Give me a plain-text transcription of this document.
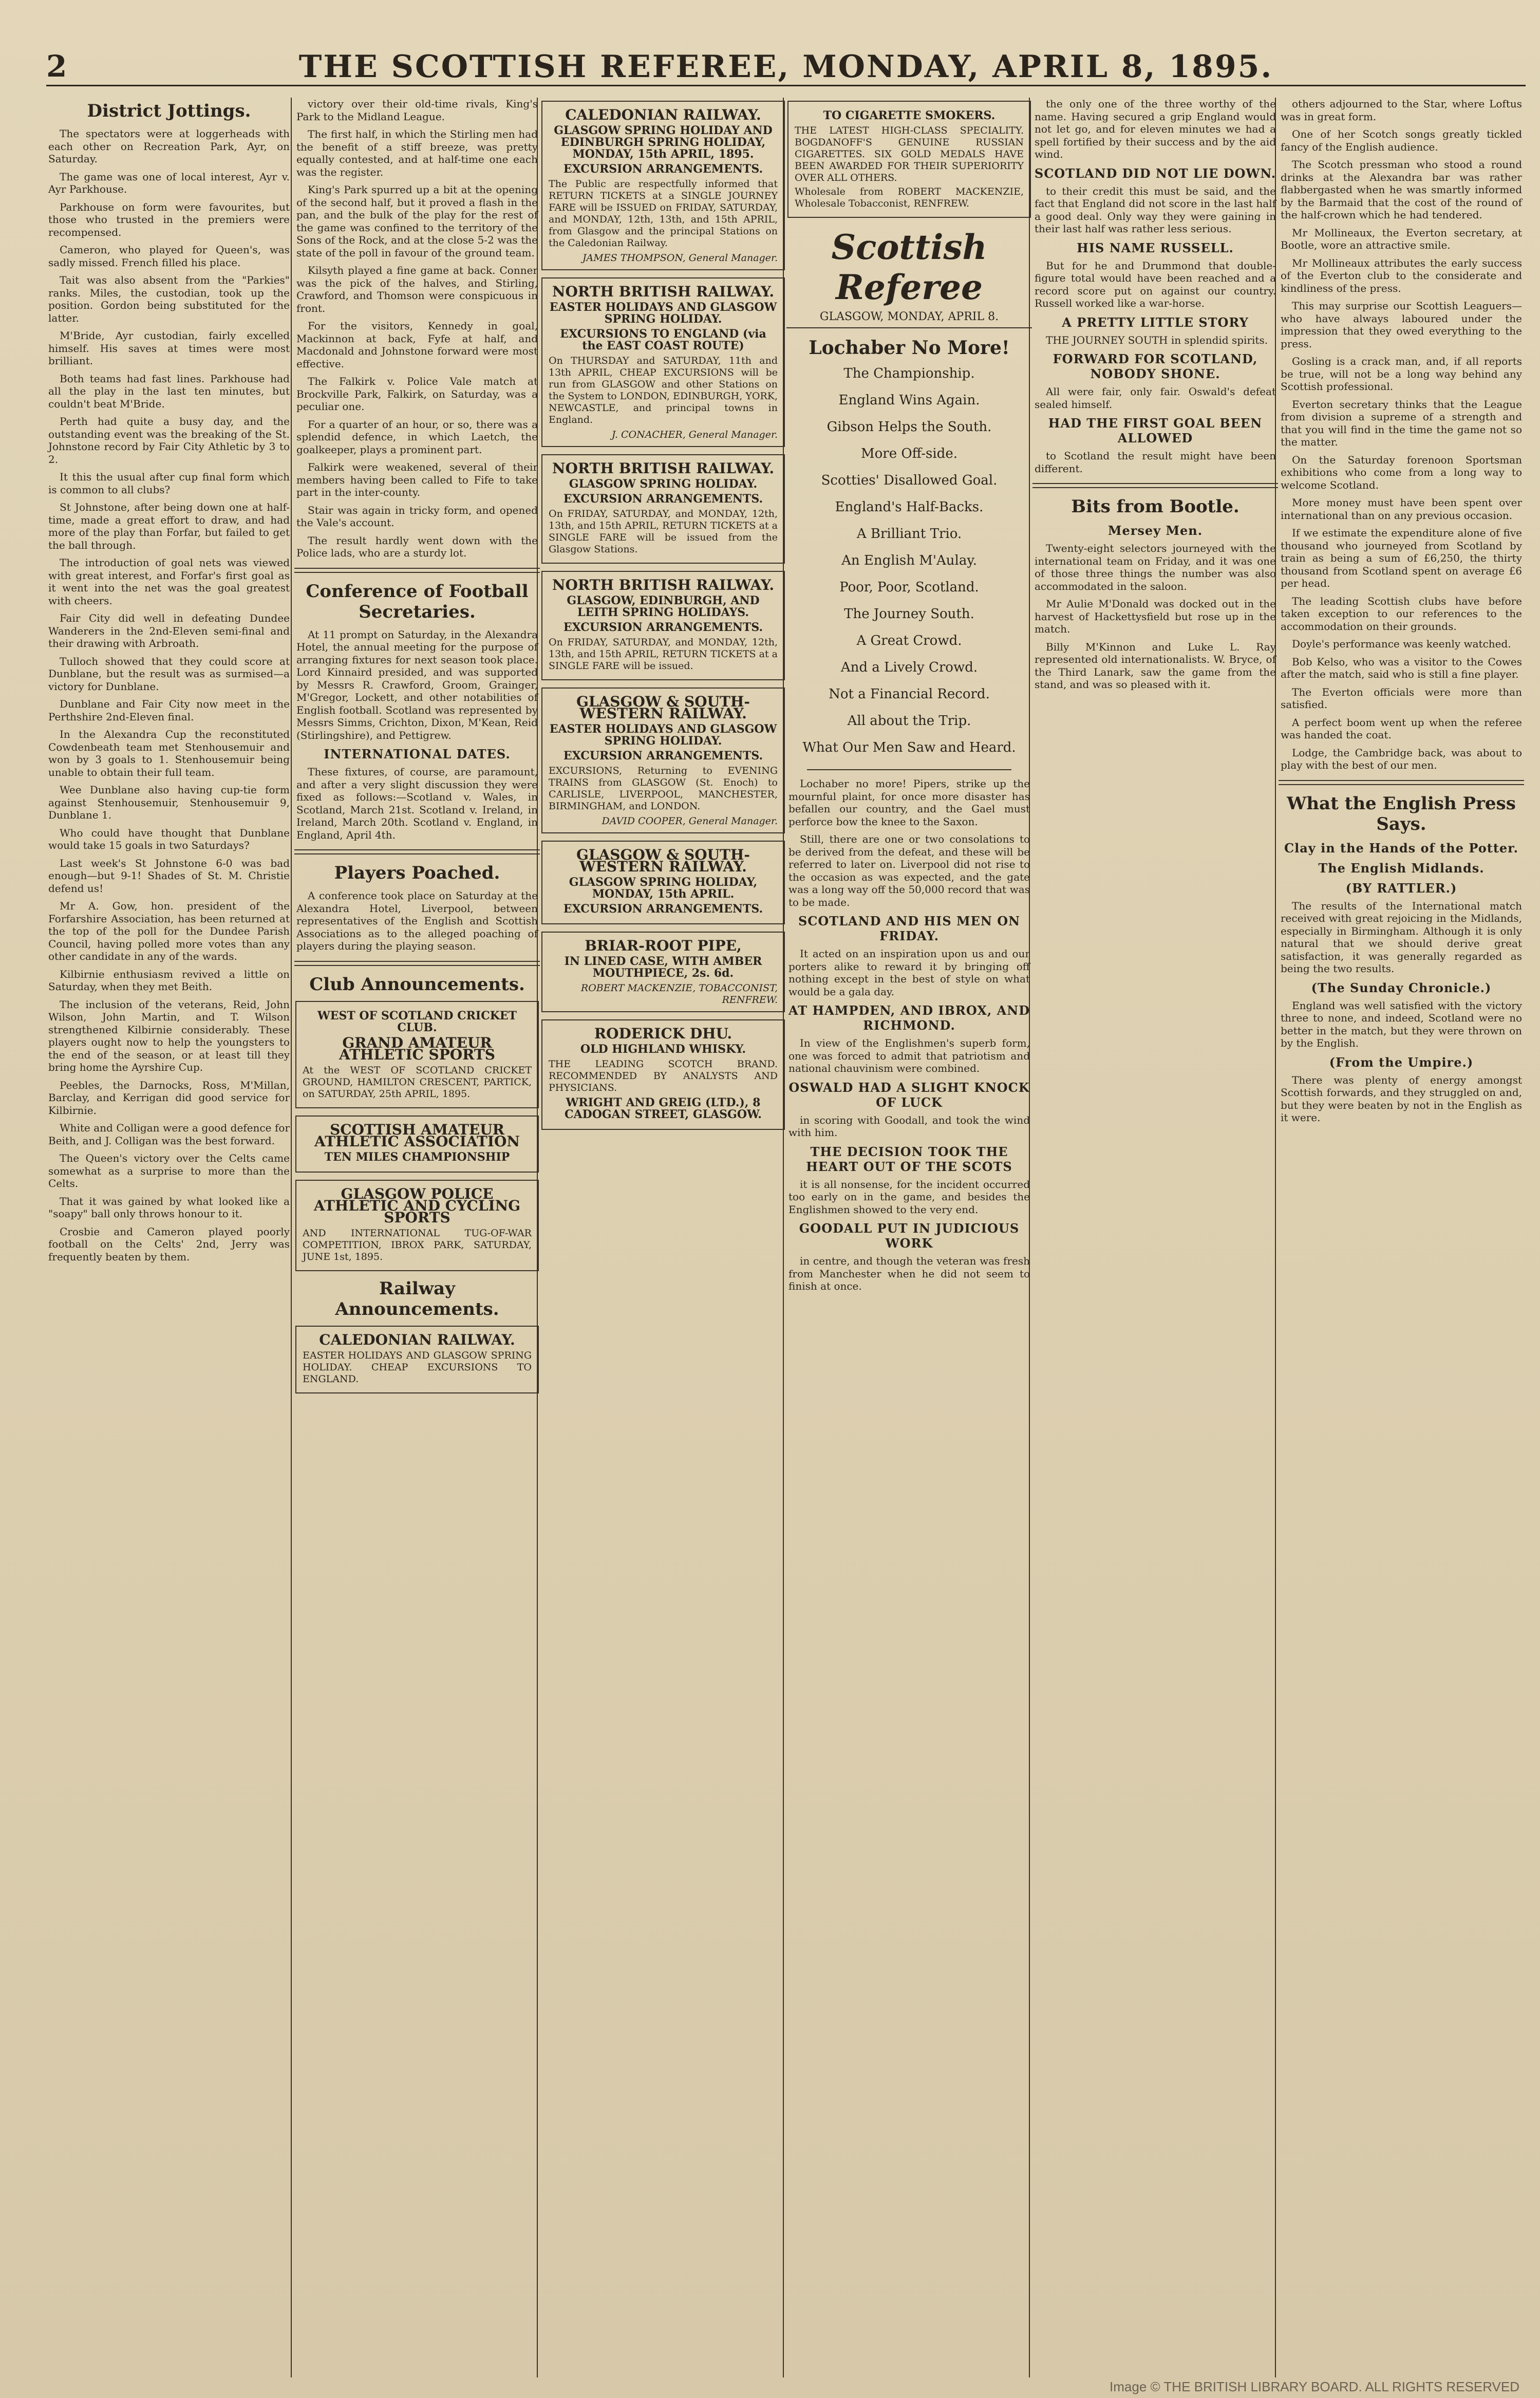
2	THE SCOTTISH REFEREE, MONDAY, APRIL 8, 1895.
District Jottings.

The spectators were at loggerheads with each other on Recreation Park, Ayr, on Saturday.

The game was one of local interest, Ayr v. Ayr Parkhouse.

Parkhouse on form were favourites, but those who trusted in the premiers were recompensed.

Cameron, who played for Queen's, was sadly missed. French filled his place.

Tait was also absent from the "Parkies" ranks. Miles, the custodian, took up the position. Gordon being substituted for the latter.

M'Bride, Ayr custodian, fairly excelled himself. His saves at times were most brilliant.

Both teams had fast lines. Parkhouse had all the play in the last ten minutes, but couldn't beat M'Bride.

Perth had quite a busy day, and the outstanding event was the breaking of the St. Johnstone record by Fair City Athletic by 3 to 2.

It this the usual after cup final form which is common to all clubs?

St Johnstone, after being down one at half-time, made a great effort to draw, and had more of the play than Forfar, but failed to get the ball through.

The introduction of goal nets was viewed with great interest, and Forfar's first goal as it went into the net was the goal greatest with cheers.

Fair City did well in defeating Dundee Wanderers in the 2nd-Eleven semi-final and their drawing with Arbroath.

Tulloch showed that they could score at Dunblane, but the result was as surmised—a victory for Dunblane.

Dunblane and Fair City now meet in the Perthshire 2nd-Eleven final.

In the Alexandra Cup the reconstituted Cowdenbeath team met Stenhousemuir and won by 3 goals to 1. Stenhousemuir being unable to obtain their full team.

Wee Dunblane also having cup-tie form against Stenhousemuir, Stenhousemuir 9, Dunblane 1.

Who could have thought that Dunblane would take 15 goals in two Saturdays?

Last week's St Johnstone 6-0 was bad enough—but 9-1! Shades of St. M. Christie defend us!

Mr A. Gow, hon. president of the Forfarshire Association, has been returned at the top of the poll for the Dundee Parish Council, having polled more votes than any other candidate in any of the wards.

Kilbirnie enthusiasm revived a little on Saturday, when they met Beith.

The inclusion of the veterans, Reid, John Wilson, John Martin, and T. Wilson strengthened Kilbirnie considerably. These players ought now to help the youngsters to the end of the season, or at least till they bring home the Ayrshire Cup.

Peebles, the Darnocks, Ross, M'Millan, Barclay, and Kerrigan did good service for Kilbirnie.

White and Colligan were a good defence for Beith, and J. Colligan was the best forward.

The Queen's victory over the Celts came somewhat as a surprise to more than the Celts.

That it was gained by what looked like a "soapy" ball only throws honour to it.

Crosbie and Cameron played poorly football on the Celts' 2nd, Jerry was frequently beaten by them.

victory over their old-time rivals, King's Park to the Midland League.

The first half, in which the Stirling men had the benefit of a stiff breeze, was pretty equally contested, and at half-time one each was the register.

King's Park spurred up a bit at the opening of the second half, but it proved a flash in the pan, and the bulk of the play for the rest of the game was confined to the territory of the Sons of the Rock, and at the close 5-2 was the state of the poll in favour of the ground team.

Kilsyth played a fine game at back. Conner was the pick of the halves, and Stirling, Crawford, and Thomson were conspicuous in front.

For the visitors, Kennedy in goal, Mackinnon at back, Fyfe at half, and Macdonald and Johnstone forward were most effective.

The Falkirk v. Police Vale match at Brockville Park, Falkirk, on Saturday, was a peculiar one.

For a quarter of an hour, or so, there was a splendid defence, in which Laetch, the goalkeeper, plays a prominent part.

Falkirk were weakened, several of their members having been called to Fife to take part in the inter-county.

Stair was again in tricky form, and opened the Vale's account.

The result hardly went down with the Police lads, who are a sturdy lot.

Conference of Football Secretaries.

At 11 prompt on Saturday, in the Alexandra Hotel, the annual meeting for the purpose of arranging fixtures for next season took place. Lord Kinnaird presided, and was supported by Messrs R. Crawford, Groom, Grainger, M'Gregor, Lockett, and other notabilities of English football. Scotland was represented by Messrs Simms, Crichton, Dixon, M'Kean, Reid (Stirlingshire), and Pettigrew.

INTERNATIONAL DATES.

These fixtures, of course, are paramount, and after a very slight discussion they were fixed as follows:—Scotland v. Wales, in Scotland, March 21st. Scotland v. Ireland, in Ireland, March 20th. Scotland v. England, in England, April 4th.

Players Poached.

A conference took place on Saturday at the Alexandra Hotel, Liverpool, between representatives of the English and Scottish Associations as to the alleged poaching of players during the playing season.

Club Announcements.
WEST OF SCOTLAND CRICKET CLUB.
GRAND AMATEUR ATHLETIC SPORTS

At the WEST OF SCOTLAND CRICKET GROUND, HAMILTON CRESCENT, PARTICK, on SATURDAY, 25th APRIL, 1895.

SCOTTISH AMATEUR ATHLETIC ASSOCIATION
TEN MILES CHAMPIONSHIP
GLASGOW POLICE ATHLETIC AND CYCLING SPORTS

AND INTERNATIONAL TUG-OF-WAR COMPETITION, IBROX PARK, SATURDAY, JUNE 1st, 1895.

Railway Announcements.
CALEDONIAN RAILWAY.

EASTER HOLIDAYS AND GLASGOW SPRING HOLIDAY. CHEAP EXCURSIONS TO ENGLAND.

CALEDONIAN RAILWAY.
GLASGOW SPRING HOLIDAY AND EDINBURGH SPRING HOLIDAY, MONDAY, 15th APRIL, 1895.
EXCURSION ARRANGEMENTS.

The Public are respectfully informed that RETURN TICKETS at a SINGLE JOURNEY FARE will be ISSUED on FRIDAY, SATURDAY, and MONDAY, 12th, 13th, and 15th APRIL, from Glasgow and the principal Stations on the Caledonian Railway.

JAMES THOMPSON, General Manager.
NORTH BRITISH RAILWAY.
EASTER HOLIDAYS AND GLASGOW SPRING HOLIDAY.
EXCURSIONS TO ENGLAND (via the EAST COAST ROUTE)

On THURSDAY and SATURDAY, 11th and 13th APRIL, CHEAP EXCURSIONS will be run from GLASGOW and other Stations on the System to LONDON, EDINBURGH, YORK, NEWCASTLE, and principal towns in England.

J. CONACHER, General Manager.
NORTH BRITISH RAILWAY.
GLASGOW SPRING HOLIDAY.
EXCURSION ARRANGEMENTS.

On FRIDAY, SATURDAY, and MONDAY, 12th, 13th, and 15th APRIL, RETURN TICKETS at a SINGLE FARE will be issued from the Glasgow Stations.

NORTH BRITISH RAILWAY.
GLASGOW, EDINBURGH, AND LEITH SPRING HOLIDAYS.
EXCURSION ARRANGEMENTS.

On FRIDAY, SATURDAY, and MONDAY, 12th, 13th, and 15th APRIL, RETURN TICKETS at a SINGLE FARE will be issued.

GLASGOW & SOUTH-WESTERN RAILWAY.
EASTER HOLIDAYS AND GLASGOW SPRING HOLIDAY.
EXCURSION ARRANGEMENTS.

EXCURSIONS, Returning to EVENING TRAINS from GLASGOW (St. Enoch) to CARLISLE, LIVERPOOL, MANCHESTER, BIRMINGHAM, and LONDON.

DAVID COOPER, General Manager.
GLASGOW & SOUTH-WESTERN RAILWAY.
GLASGOW SPRING HOLIDAY, MONDAY, 15th APRIL.
EXCURSION ARRANGEMENTS.
BRIAR-ROOT PIPE,
IN LINED CASE, WITH AMBER MOUTHPIECE, 2s. 6d.
ROBERT MACKENZIE, TOBACCONIST, RENFREW.
RODERICK DHU.
OLD HIGHLAND WHISKY.

THE LEADING SCOTCH BRAND. RECOMMENDED BY ANALYSTS AND PHYSICIANS.

WRIGHT AND GREIG (LTD.), 8 CADOGAN STREET, GLASGOW.
TO CIGARETTE SMOKERS.

THE LATEST HIGH-CLASS SPECIALITY. BOGDANOFF'S GENUINE RUSSIAN CIGARETTES. SIX GOLD MEDALS HAVE BEEN AWARDED FOR THEIR SUPERIORITY OVER ALL OTHERS.

Wholesale from ROBERT MACKENZIE, Wholesale Tobacconist, RENFREW.

Scottish Referee
GLASGOW, MONDAY, APRIL 8.
Lochaber No More!
The Championship.
England Wins Again.
Gibson Helps the South.
More Off-side.
Scotties' Disallowed Goal.
England's Half-Backs.
A Brilliant Trio.
An English M'Aulay.
Poor, Poor, Scotland.
The Journey South.
A Great Crowd.
And a Lively Crowd.
Not a Financial Record.
All about the Trip.
What Our Men Saw and Heard.

Lochaber no more! Pipers, strike up the mournful plaint, for once more disaster has befallen our country, and the Gael must perforce bow the knee to the Saxon.

Still, there are one or two consolations to be derived from the defeat, and these will be referred to later on. Liverpool did not rise to the occasion as was expected, and the gate was a long way off the 50,000 record that was to be made.

SCOTLAND AND HIS MEN ON FRIDAY.

It acted on an inspiration upon us and our porters alike to reward it by bringing off nothing except in the best of style on what would be a gala day.

AT HAMPDEN, AND IBROX, AND RICHMOND.

In view of the Englishmen's superb form, one was forced to admit that patriotism and national chauvinism were combined.

OSWALD HAD A SLIGHT KNOCK OF LUCK

in scoring with Goodall, and took the wind with him.

THE DECISION TOOK THE HEART OUT OF THE SCOTS

it is all nonsense, for the incident occurred too early on in the game, and besides the Englishmen showed to the very end.

GOODALL PUT IN JUDICIOUS WORK

in centre, and though the veteran was fresh from Manchester when he did not seem to finish at once.

the only one of the three worthy of the name. Having secured a grip England would not let go, and for eleven minutes we had a spell fortified by their success and by the aid wind.

SCOTLAND DID NOT LIE DOWN.

to their credit this must be said, and the fact that England did not score in the last half a good deal. Only way they were gaining in their last half was rather less serious.

HIS NAME RUSSELL.

But for he and Drummond that double-figure total would have been reached and a record score put on against our country. Russell worked like a war-horse.

A PRETTY LITTLE STORY

THE JOURNEY SOUTH in splendid spirits.

FORWARD FOR SCOTLAND, NOBODY SHONE.

All were fair, only fair. Oswald's defeat sealed himself.

HAD THE FIRST GOAL BEEN ALLOWED

to Scotland the result might have been different.

Bits from Bootle.
Mersey Men.

Twenty-eight selectors journeyed with the international team on Friday, and it was one of those three things the number was also accommodated in the saloon.

Mr Aulie M'Donald was docked out in the harvest of Hackettysfield but rose up in the match.

Billy M'Kinnon and Luke L. Ray represented old internationalists. W. Bryce, of the Third Lanark, saw the game from the stand, and was so pleased with it.

others adjourned to the Star, where Loftus was in great form.

One of her Scotch songs greatly tickled fancy of the English audience.

The Scotch pressman who stood a round drinks at the Alexandra bar was rather flabbergasted when he was smartly informed by the Barmaid that the cost of the round of the half-crown which he had tendered.

Mr Mollineaux, the Everton secretary, at Bootle, wore an attractive smile.

Mr Mollineaux attributes the early success of the Everton club to the considerate and kindliness of the press.

This may surprise our Scottish Leaguers—who have always laboured under the impression that they owed everything to the press.

Gosling is a crack man, and, if all reports be true, will not be a long way behind any Scottish professional.

Everton secretary thinks that the League from division a supreme of a strength and that you will find in the time the game not so the matter.

On the Saturday forenoon Sportsman exhibitions who come from a long way to welcome Scotland.

More money must have been spent over international than on any previous occasion.

If we estimate the expenditure alone of five thousand who journeyed from Scotland by train as being a sum of £6,250, the thirty thousand from Scotland spent on average £6 per head.

The leading Scottish clubs have before taken exception to our references to the accommodation on their grounds.

Doyle's performance was keenly watched.

Bob Kelso, who was a visitor to the Cowes after the match, said who is still a fine player.

The Everton officials were more than satisfied.

A perfect boom went up when the referee was handed the coat.

Lodge, the Cambridge back, was about to play with the best of our men.

What the English Press Says.
Clay in the Hands of the Potter.
The English Midlands.
(BY RATTLER.)

The results of the International match received with great rejoicing in the Midlands, especially in Birmingham. Although it is only natural that we should derive great satisfaction, it was generally regarded as being the two results.

(The Sunday Chronicle.)

England was well satisfied with the victory three to none, and indeed, Scotland were no better in the match, but they were thrown on by the English.

(From the Umpire.)

There was plenty of energy amongst Scottish forwards, and they struggled on and, but they were beaten by not in the English as it were.

Image © THE BRITISH LIBRARY BOARD. ALL RIGHTS RESERVED
